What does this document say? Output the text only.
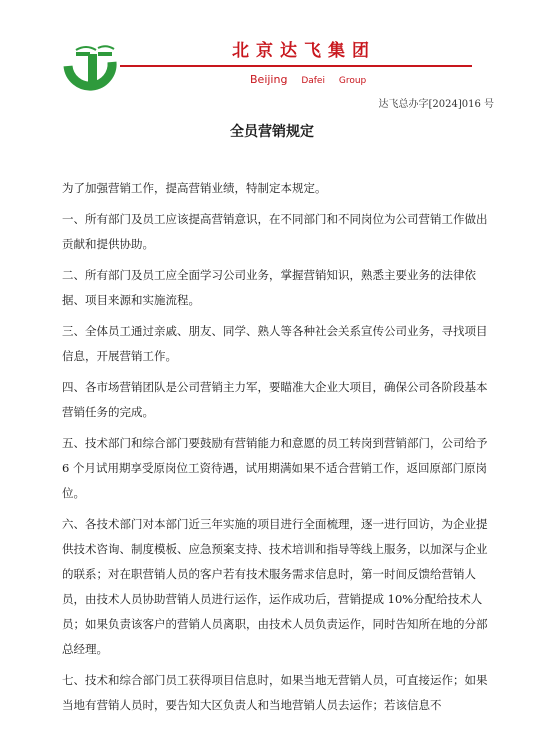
北京达飞集团
Beijing Dafei Group
达飞总办字[2024]016 号
全员营销规定

为了加强营销工作，提高营销业绩，特制定本规定。

一、所有部门及员工应该提高营销意识，在不同部门和不同岗位为公司营销工作做出贡献和提供协助。

二、所有部门及员工应全面学习公司业务，掌握营销知识，熟悉主要业务的法律依据、项目来源和实施流程。

三、全体员工通过亲戚、朋友、同学、熟人等各种社会关系宣传公司业务，寻找项目信息，开展营销工作。

四、各市场营销团队是公司营销主力军，要瞄准大企业大项目，确保公司各阶段基本营销任务的完成。

五、技术部门和综合部门要鼓励有营销能力和意愿的员工转岗到营销部门，公司给予 6 个月试用期享受原岗位工资待遇，试用期满如果不适合营销工作，返回原部门原岗位。

六、各技术部门对本部门近三年实施的项目进行全面梳理，逐一进行回访，为企业提供技术咨询、制度模板、应急预案支持、技术培训和指导等线上服务，以加深与企业的联系；对在职营销人员的客户若有技术服务需求信息时，第一时间反馈给营销人员，由技术人员协助营销人员进行运作，运作成功后，营销提成 10%分配给技术人员；如果负责该客户的营销人员离职，由技术人员负责运作，同时告知所在地的分部总经理。

七、技术和综合部门员工获得项目信息时，如果当地无营销人员，可直接运作；如果当地有营销人员时，要告知大区负责人和当地营销人员去运作；若该信息不
